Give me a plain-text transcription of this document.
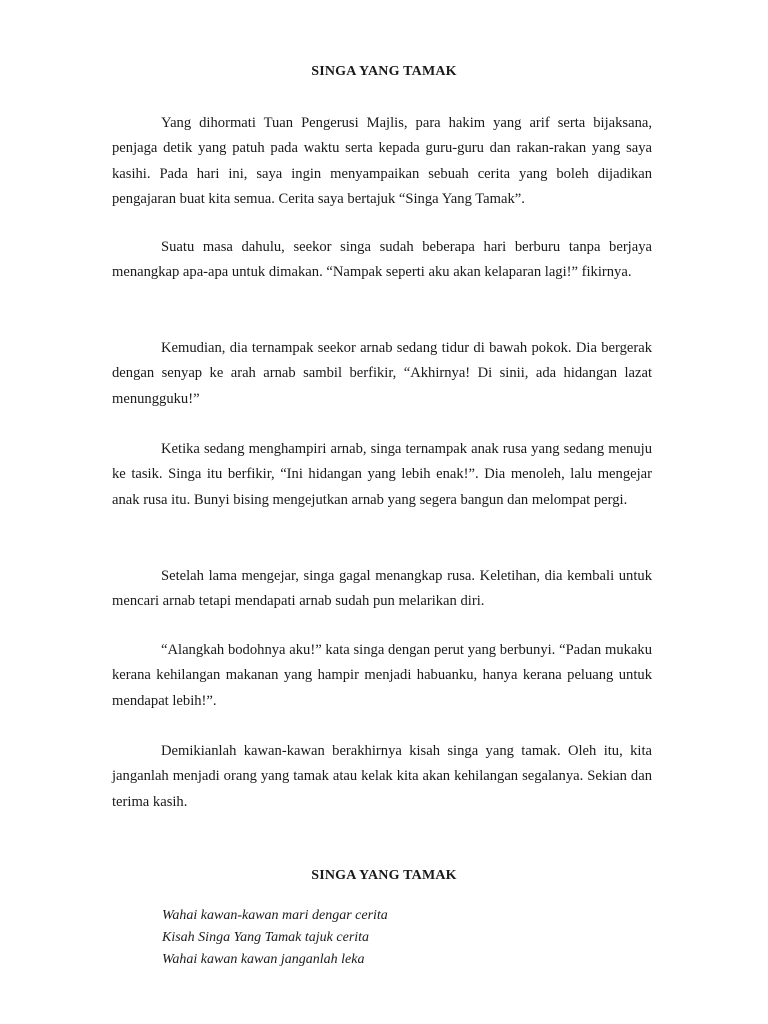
SINGA YANG TAMAK

Yang dihormati Tuan Pengerusi Majlis, para hakim yang arif serta bijaksana, penjaga detik yang patuh pada waktu serta kepada guru-guru dan rakan-rakan yang saya kasihi. Pada hari ini, saya ingin menyampaikan sebuah cerita yang boleh dijadikan pengajaran buat kita semua. Cerita saya bertajuk “Singa Yang Tamak”.

Suatu masa dahulu, seekor singa sudah beberapa hari berburu tanpa berjaya menangkap apa-apa untuk dimakan. “Nampak seperti aku akan kelaparan lagi!” fikirnya.

Kemudian, dia ternampak seekor arnab sedang tidur di bawah pokok. Dia bergerak dengan senyap ke arah arnab sambil berfikir, “Akhirnya! Di sinii, ada hidangan lazat menungguku!”

Ketika sedang menghampiri arnab, singa ternampak anak rusa yang sedang menuju ke tasik. Singa itu berfikir, “Ini hidangan yang lebih enak!”. Dia menoleh, lalu mengejar anak rusa itu. Bunyi bising mengejutkan arnab yang segera bangun dan melompat pergi.

Setelah lama mengejar, singa gagal menangkap rusa. Keletihan, dia kembali untuk mencari arnab tetapi mendapati arnab sudah pun melarikan diri.

“Alangkah bodohnya aku!” kata singa dengan perut yang berbunyi. “Padan mukaku kerana kehilangan makanan yang hampir menjadi habuanku, hanya kerana peluang untuk mendapat lebih!”.

Demikianlah kawan-kawan berakhirnya kisah singa yang tamak. Oleh itu, kita janganlah menjadi orang yang tamak atau kelak kita akan kehilangan segalanya. Sekian dan terima kasih.

SINGA YANG TAMAK
Wahai kawan-kawan mari dengar cerita
Kisah Singa Yang Tamak tajuk cerita
Wahai kawan kawan janganlah leka
